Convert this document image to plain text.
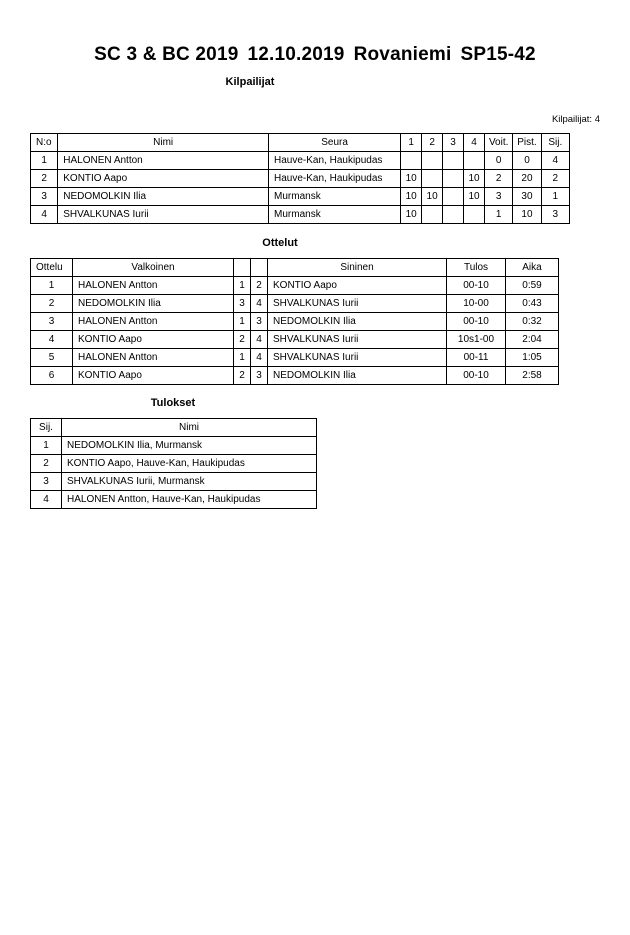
SC 3 & BC 2019 12.10.2019 Rovaniemi SP15-42
Kilpailijat
Kilpailijat: 4
N:o	Nimi	Seura	1	2	3	4	Voit.	Pist.	Sij.
1	HALONEN Antton	Hauve-Kan, Haukipudas					0	0	4
2	KONTIO Aapo	Hauve-Kan, Haukipudas	10			10	2	20	2
3	NEDOMOLKIN Ilia	Murmansk	10	10		10	3	30	1
4	SHVALKUNAS Iurii	Murmansk	10				1	10	3
Ottelut
Ottelu	Valkoinen			Sininen	Tulos	Aika
1	HALONEN Antton	1	2	KONTIO Aapo	00-10	0:59
2	NEDOMOLKIN Ilia	3	4	SHVALKUNAS Iurii	10-00	0:43
3	HALONEN Antton	1	3	NEDOMOLKIN Ilia	00-10	0:32
4	KONTIO Aapo	2	4	SHVALKUNAS Iurii	10s1-00	2:04
5	HALONEN Antton	1	4	SHVALKUNAS Iurii	00-11	1:05
6	KONTIO Aapo	2	3	NEDOMOLKIN Ilia	00-10	2:58
Tulokset
Sij.	Nimi
1	NEDOMOLKIN Ilia, Murmansk
2	KONTIO Aapo, Hauve-Kan, Haukipudas
3	SHVALKUNAS Iurii, Murmansk
4	HALONEN Antton, Hauve-Kan, Haukipudas
